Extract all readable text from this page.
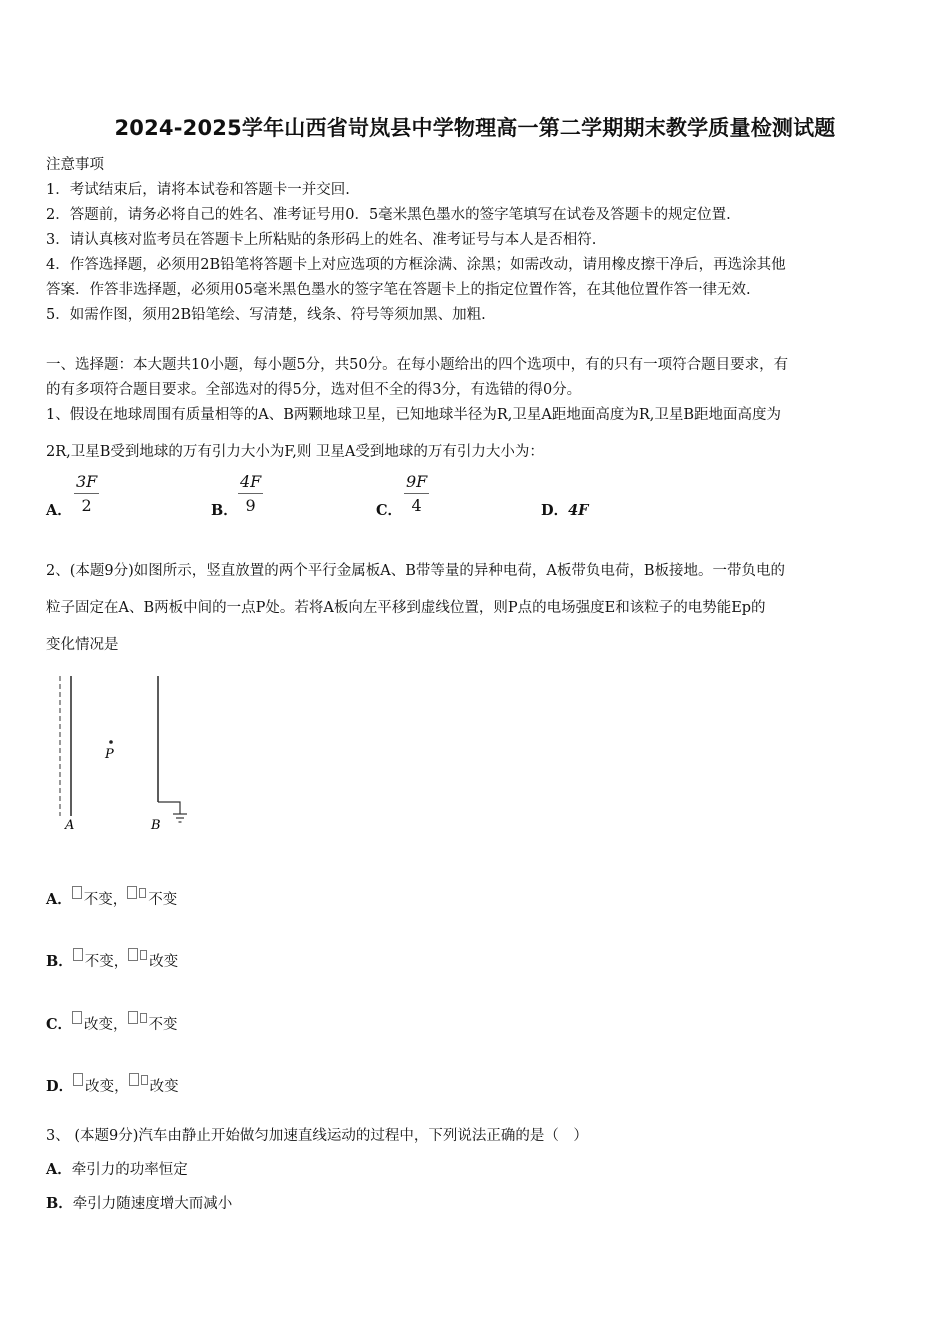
2024-2025学年山西省岢岚县中学物理高一第二学期期末教学质量检测试题
注意事项
1．考试结束后，请将本试卷和答题卡一并交回.
2．答题前，请务必将自己的姓名、准考证号用0．5毫米黑色墨水的签字笔填写在试卷及答题卡的规定位置.
3．请认真核对监考员在答题卡上所粘贴的条形码上的姓名、准考证号与本人是否相符.
4．作答选择题，必须用2B铅笔将答题卡上对应选项的方框涂满、涂黑；如需改动，请用橡皮擦干净后，再选涂其他
答案．作答非选择题，必须用05毫米黑色墨水的签字笔在答题卡上的指定位置作答，在其他位置作答一律无效.
5．如需作图，须用2B铅笔绘、写清楚，线条、符号等须加黑、加粗.
一、选择题：本大题共10小题，每小题5分，共50分。在每小题给出的四个选项中，有的只有一项符合题目要求，有
的有多项符合题目要求。全部选对的得5分，选对但不全的得3分，有选错的得0分。
1、假设在地球周围有质量相等的A、B两颗地球卫星，已知地球半径为R,卫星A距地面高度为R,卫星B距地面高度为
2R,卫星B受到地球的万有引力大小为F,则 卫星A受到地球的万有引力大小为：
A． $\frac{3F}{2}$	B． $\frac{4F}{9}$	C． $\frac{9F}{4}$	D．4F
2、(本题9分)如图所示，竖直放置的两个平行金属板A、B带等量的异种电荷，A板带负电荷，B板接地。一带负电的
粒子固定在A、B两板中间的一点P处。若将A板向左平移到虚线位置，则P点的电场强度E和该粒子的电势能Ep的
变化情况是
P
A	B
A． 不变， 不变
B． 不变， 改变
C． 改变， 不变
D． 改变， 改变
3、 (本题9分)汽车由静止开始做匀加速直线运动的过程中，下列说法正确的是（　）
A．牵引力的功率恒定
B．牵引力随速度增大而减小
